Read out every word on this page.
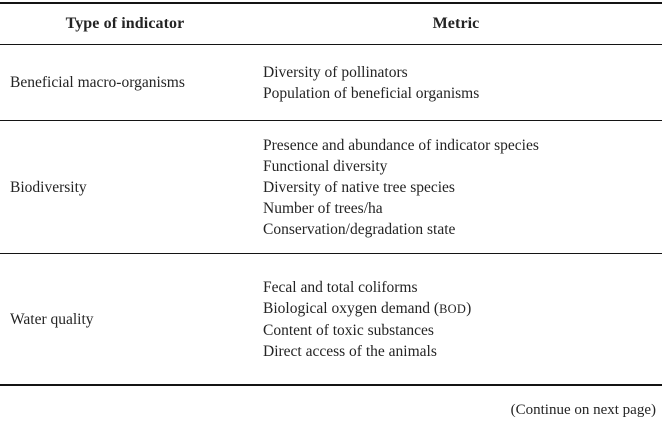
Type of indicator	Metric
Beneficial macro-organisms
Diversity of pollinators
Population of beneficial organisms
Biodiversity
Presence and abundance of indicator species
Functional diversity
Diversity of native tree species
Number of trees/ha
Conservation/degradation state
Water quality
Fecal and total coliforms
Biological oxygen demand (BOD)
Content of toxic substances
Direct access of the animals
(Continue on next page)
